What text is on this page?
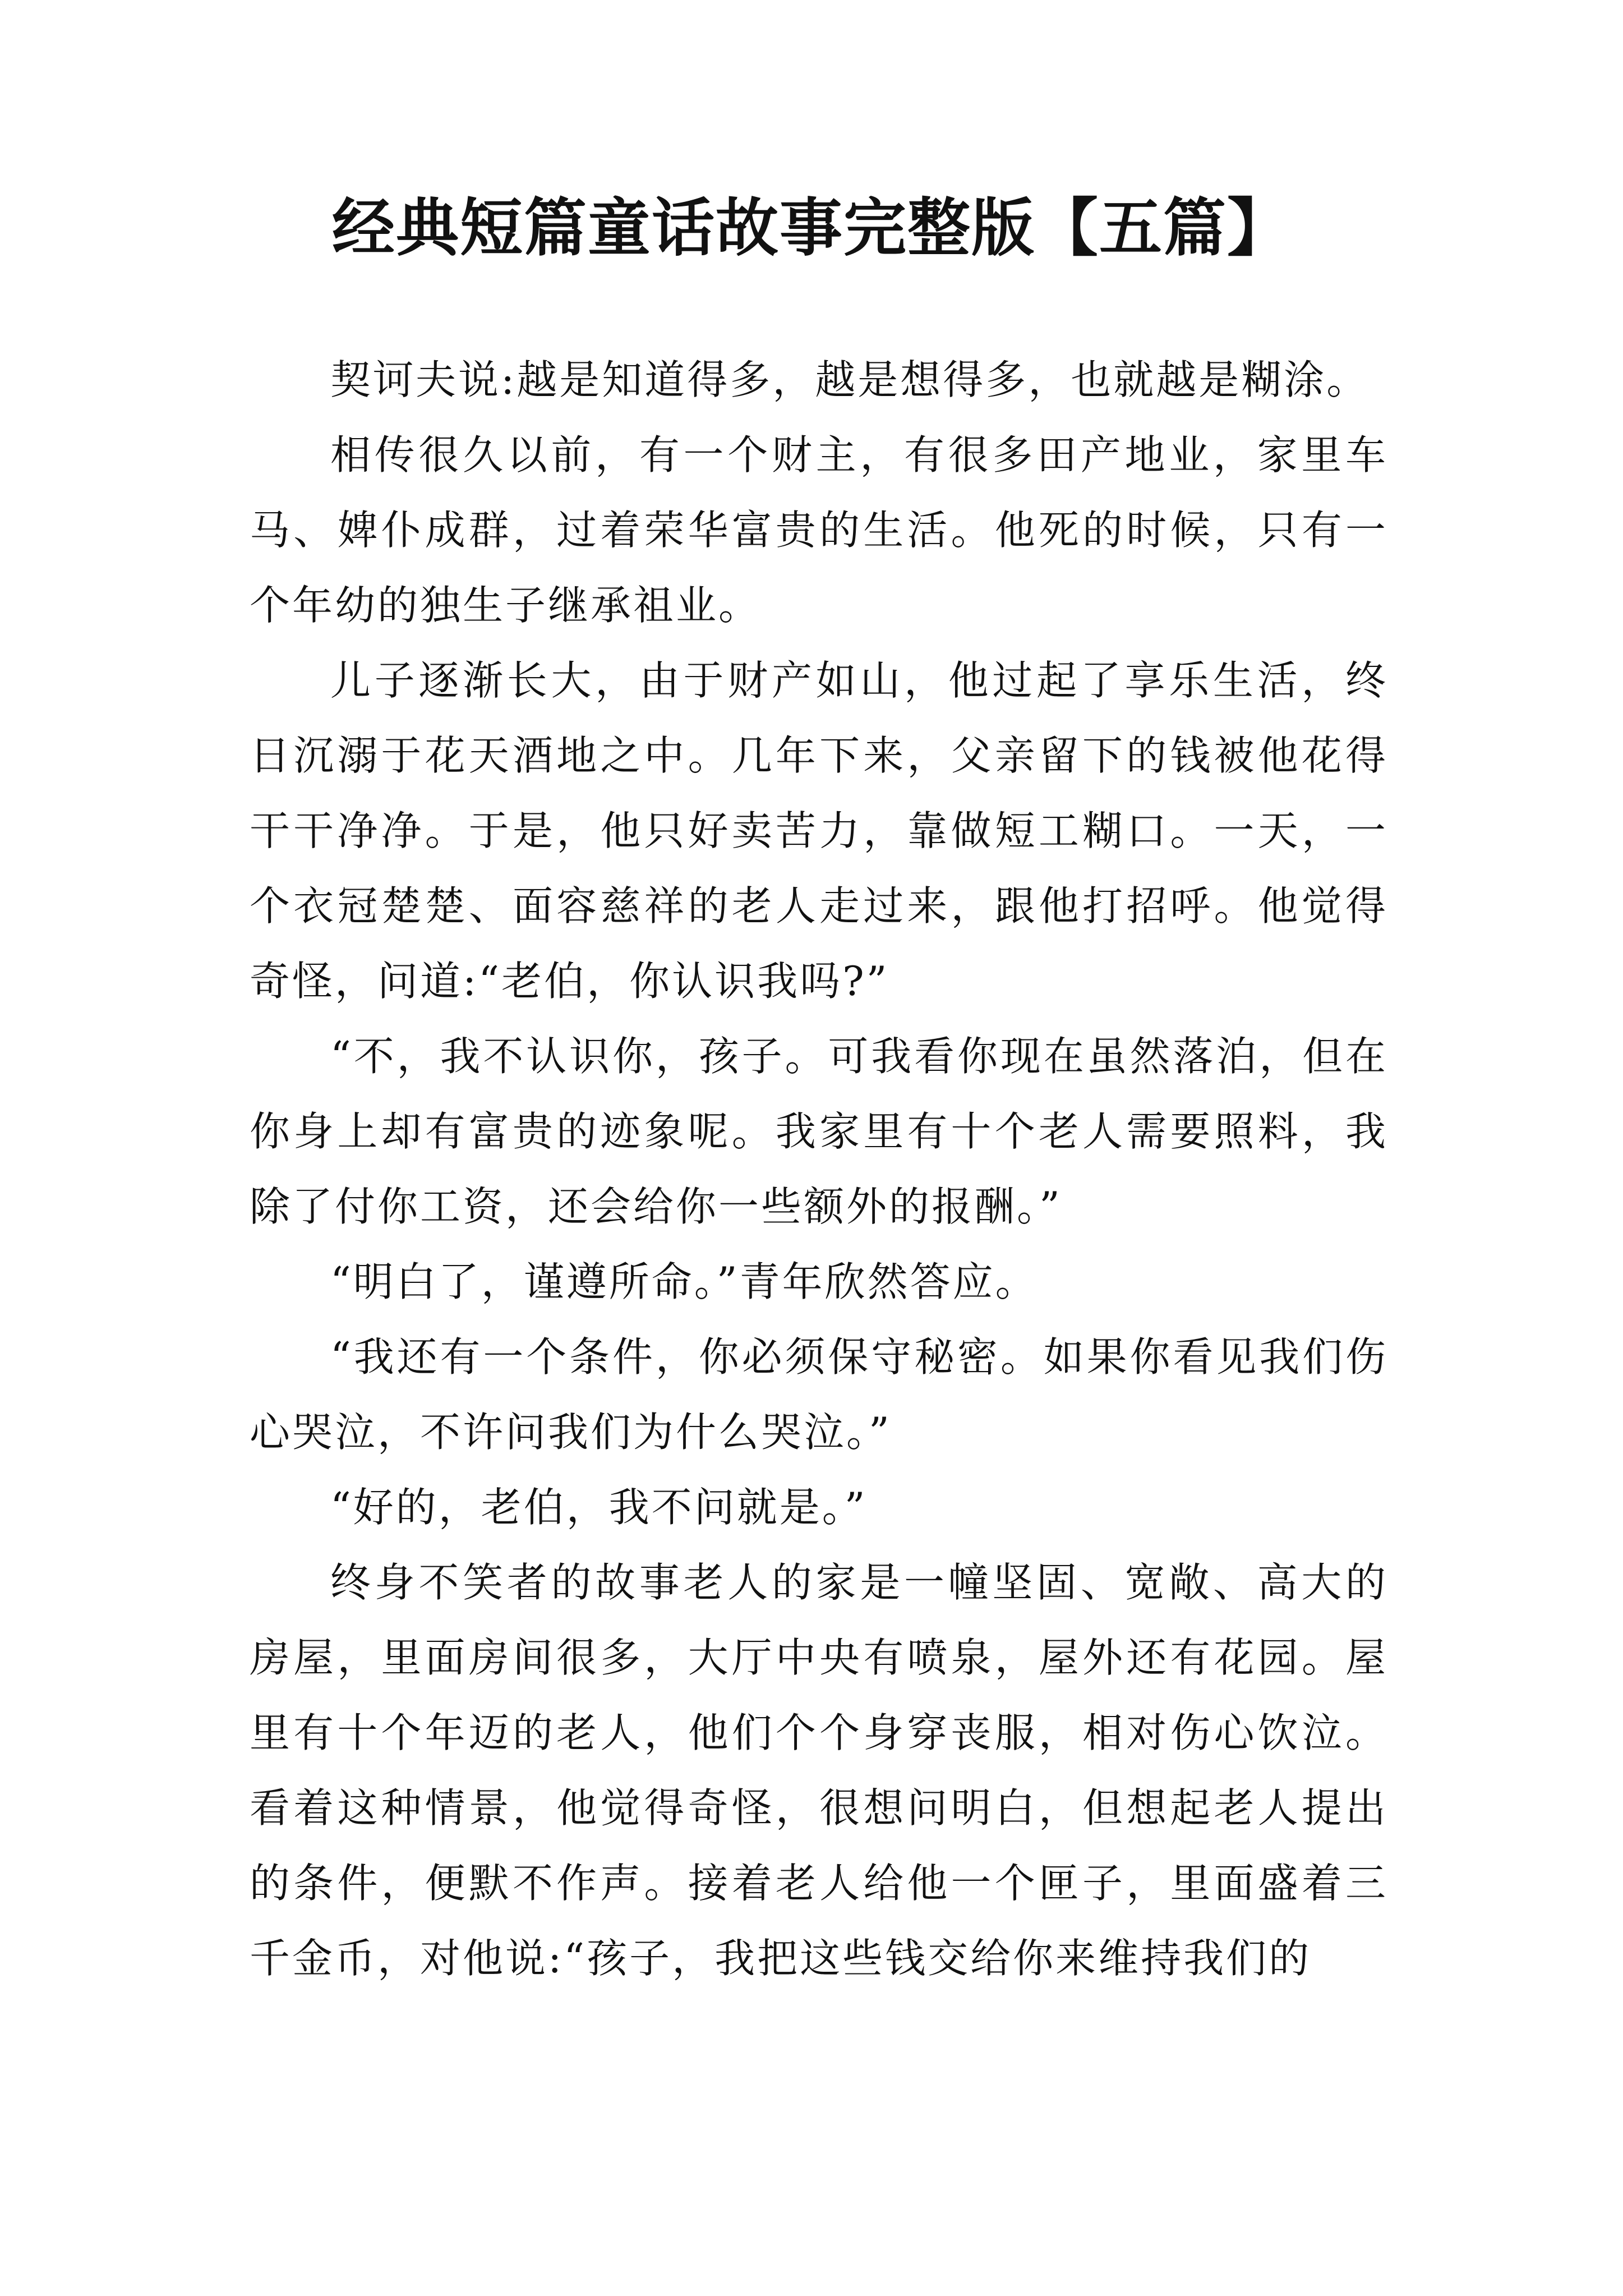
经典短篇童话故事完整版【五篇】

契诃夫说:越是知道得多，越是想得多，也就越是糊涂。

相传很久以前，有一个财主，有很多田产地业，家里车马、婢仆成群，过着荣华富贵的生活。他死的时候，只有一个年幼的独生子继承祖业。

儿子逐渐长大，由于财产如山，他过起了享乐生活，终日沉溺于花天酒地之中。几年下来，父亲留下的钱被他花得干干净净。于是，他只好卖苦力，靠做短工糊口。一天，一个衣冠楚楚、面容慈祥的老人走过来，跟他打招呼。他觉得奇怪，问道:“老伯，你认识我吗?”

“不，我不认识你，孩子。可我看你现在虽然落泊，但在你身上却有富贵的迹象呢。我家里有十个老人需要照料，我除了付你工资，还会给你一些额外的报酬。”

“明白了，谨遵所命。”青年欣然答应。

“我还有一个条件，你必须保守秘密。如果你看见我们伤心哭泣，不许问我们为什么哭泣。”

“好的，老伯，我不问就是。”

终身不笑者的故事老人的家是一幢坚固、宽敞、高大的房屋，里面房间很多，大厅中央有喷泉，屋外还有花园。屋里有十个年迈的老人，他们个个身穿丧服，相对伤心饮泣。看着这种情景，他觉得奇怪，很想问明白，但想起老人提出的条件，便默不作声。接着老人给他一个匣子，里面盛着三千金币，对他说:“孩子，我把这些钱交给你来维持我们的
